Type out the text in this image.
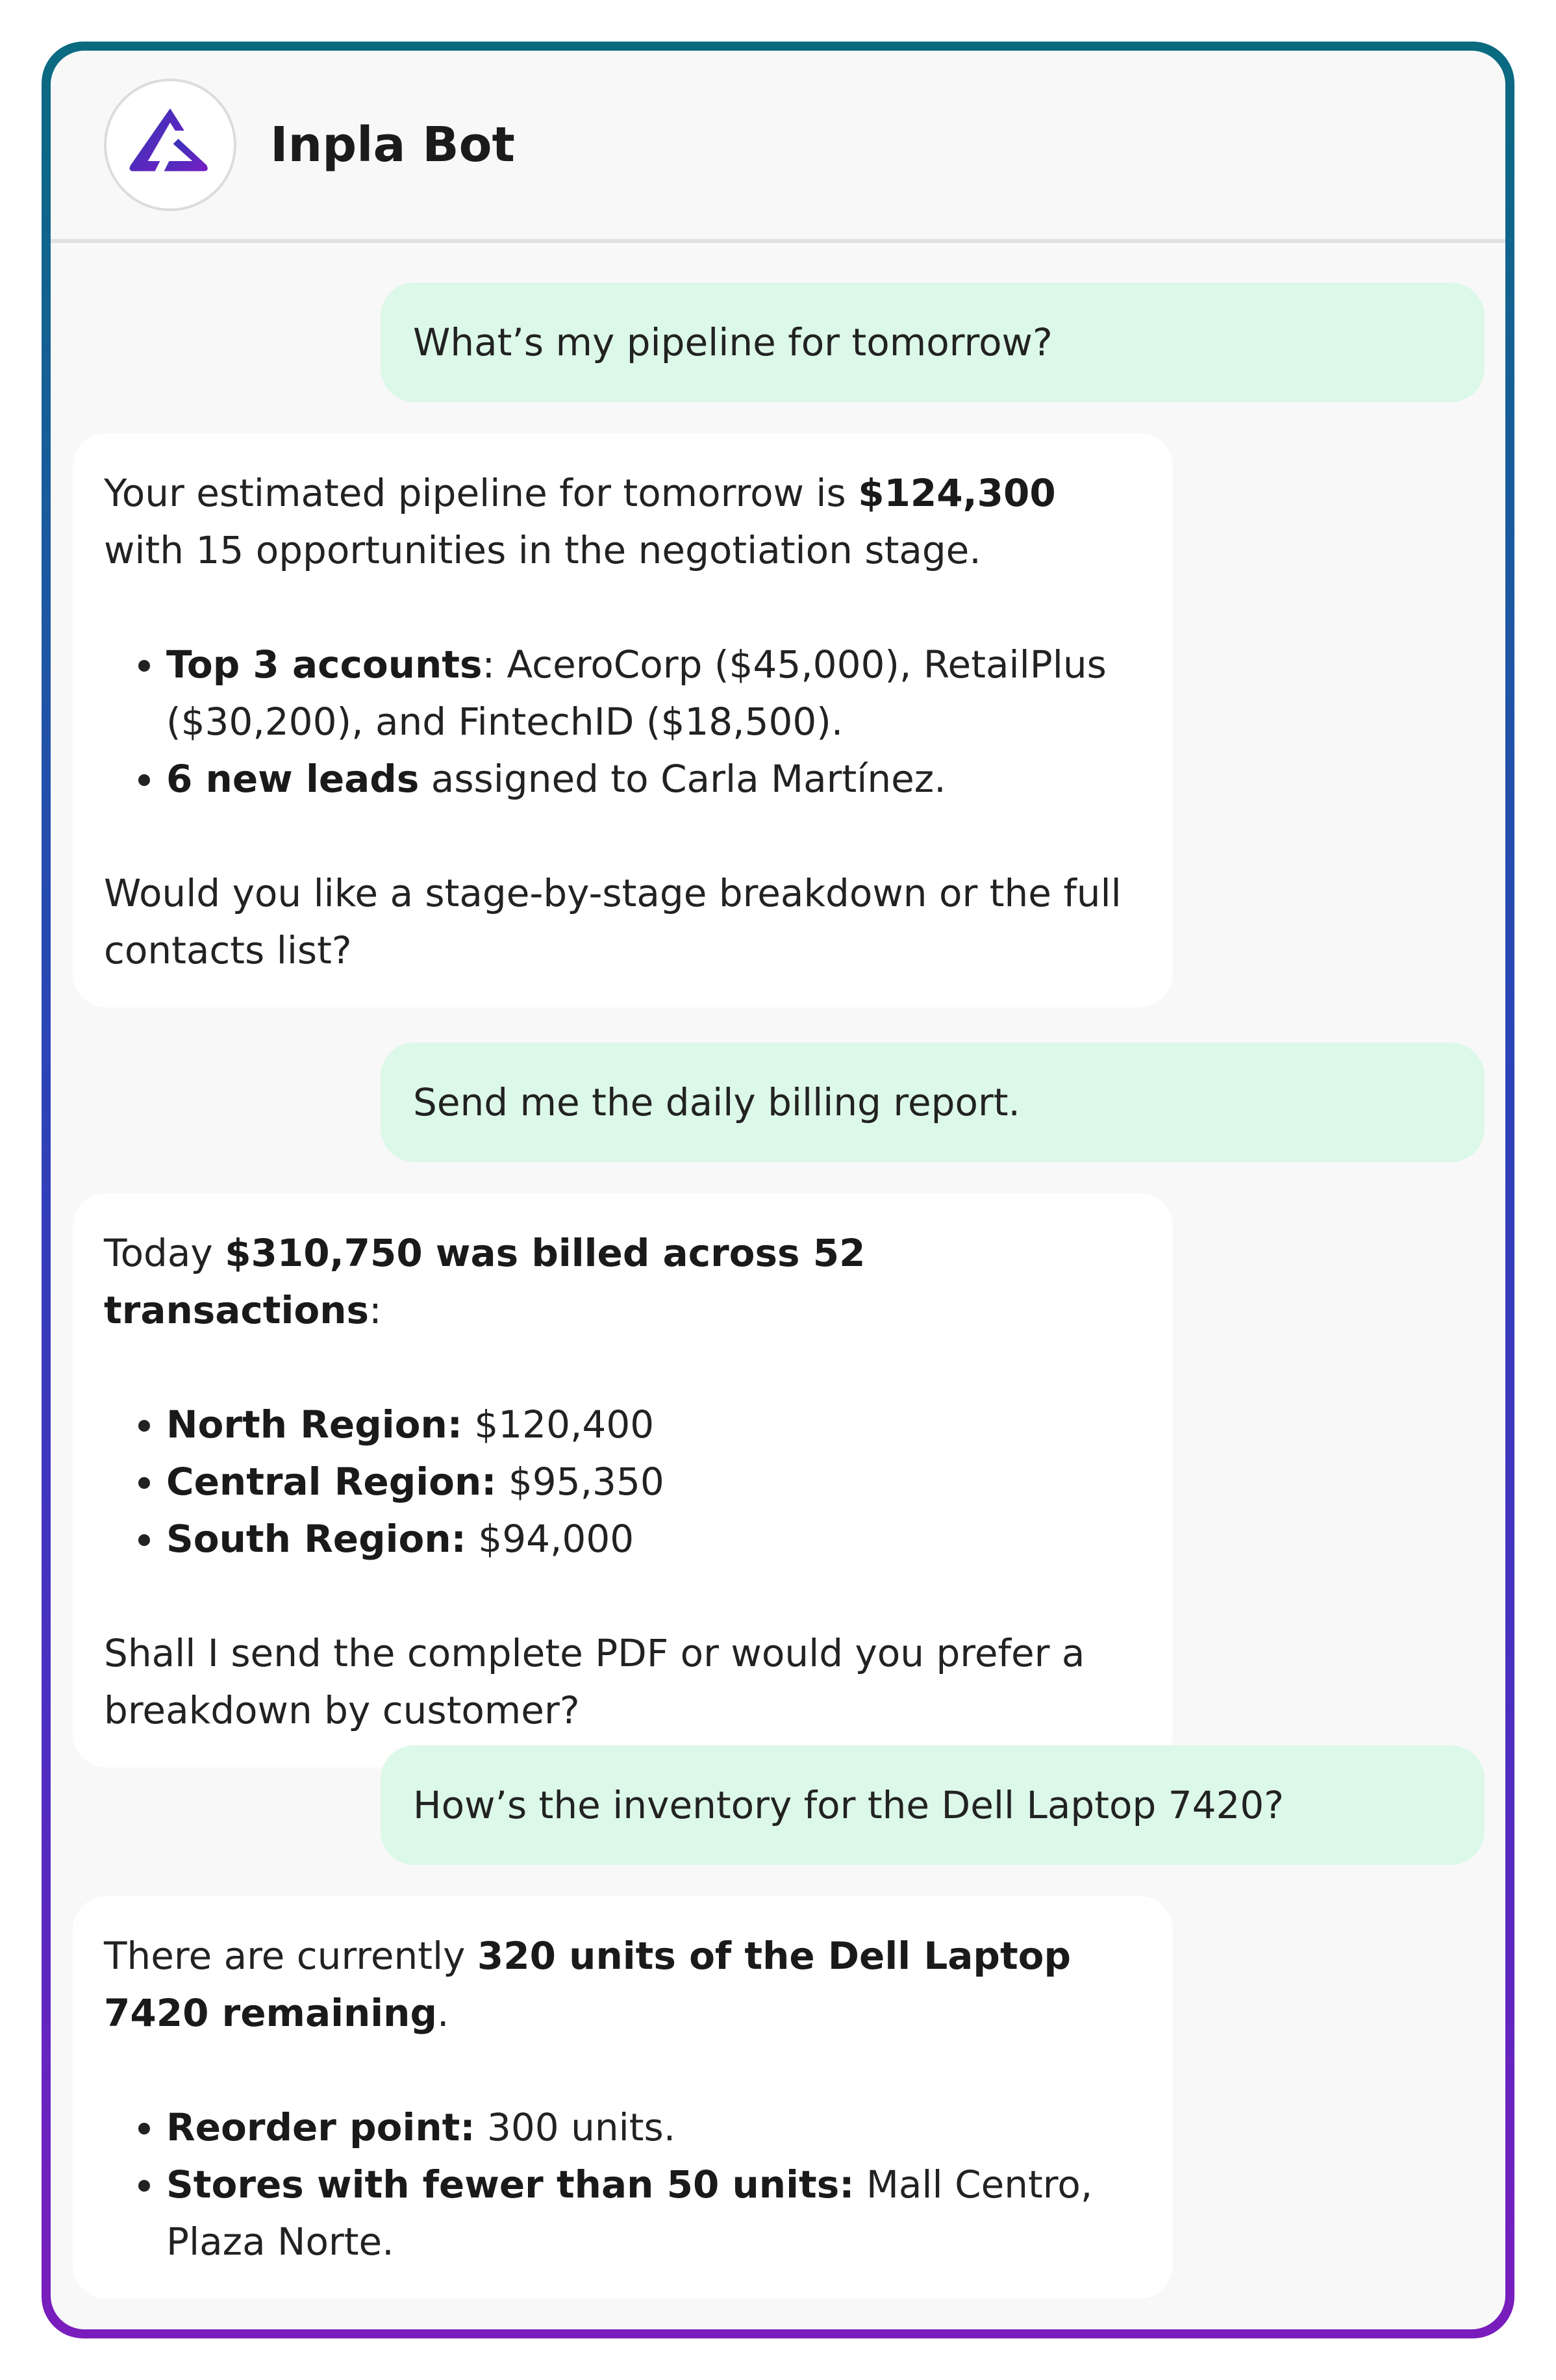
Inpla Bot
What’s my pipeline for tomorrow?

Your estimated pipeline for tomorrow is $124,300 with 15 opportunities in the negotiation stage.

• Top 3 accounts: AceroCorp ($45,000), RetailPlus ($30,200), and FintechID ($18,500).
• 6 new leads assigned to Carla Martínez.

Would you like a stage-by-stage breakdown or the full contacts list?

Send me the daily billing report.

Today $310,750 was billed across 52 transactions:

• North Region: $120,400
• Central Region: $95,350
• South Region: $94,000

Shall I send the complete PDF or would you prefer a breakdown by customer?

How’s the inventory for the Dell Laptop 7420?

There are currently 320 units of the Dell Laptop 7420 remaining.

• Reorder point: 300 units.
• Stores with fewer than 50 units: Mall Centro, Plaza Norte.
